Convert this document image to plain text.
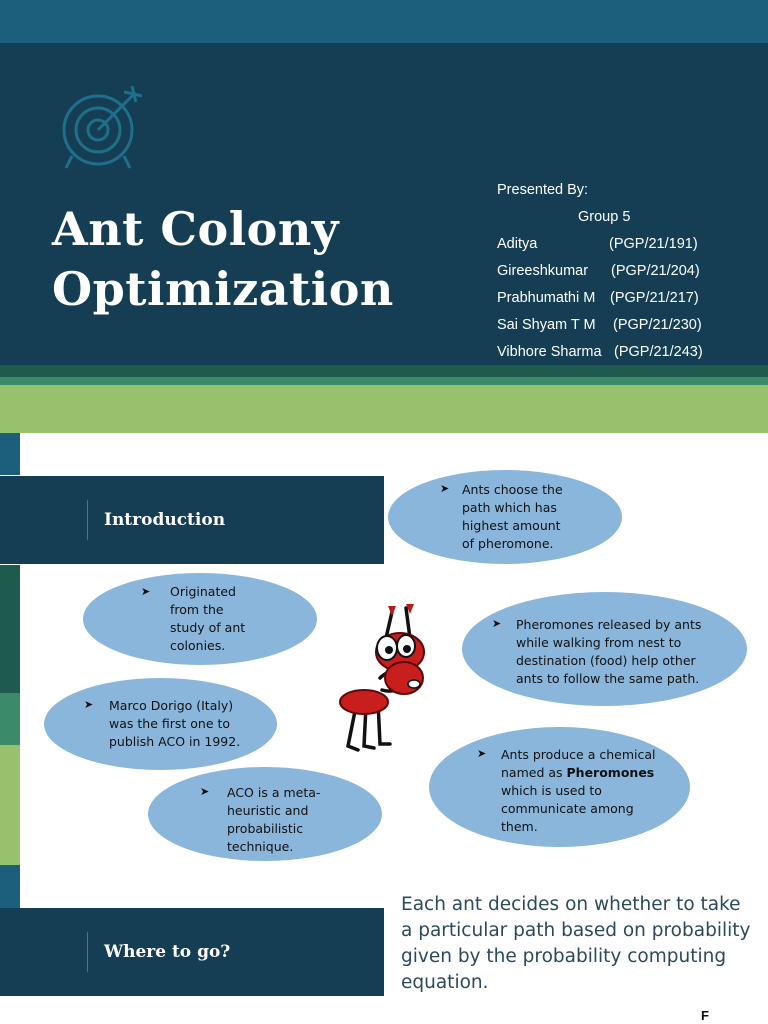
Ant Colony
Optimization
Presented By:
Group 5
Aditya	(PGP/21/191)
Gireeshkumar (PGP/21/204)
Prabhumathi M (PGP/21/217)
Sai Shyam T M (PGP/21/230)
Vibhore Sharma (PGP/21/243)
Introduction
➤ Ants choose the
path which has
highest amount
of pheromone.
➤ Originated
from the
study of ant
colonies.
➤ Pheromones released by ants
while walking from nest to
destination (food) help other
ants to follow the same path.
➤ Marco Dorigo (Italy)
was the first one to
publish ACO in 1992.
➤ Ants produce a chemical
named as Pheromones
which is used to
communicate among
them.
➤ ACO is a meta-
heuristic and
probabilistic
technique.
Where to go?
Each ant decides on whether to take a particular path based on probability given by the probability computing equation.
F
